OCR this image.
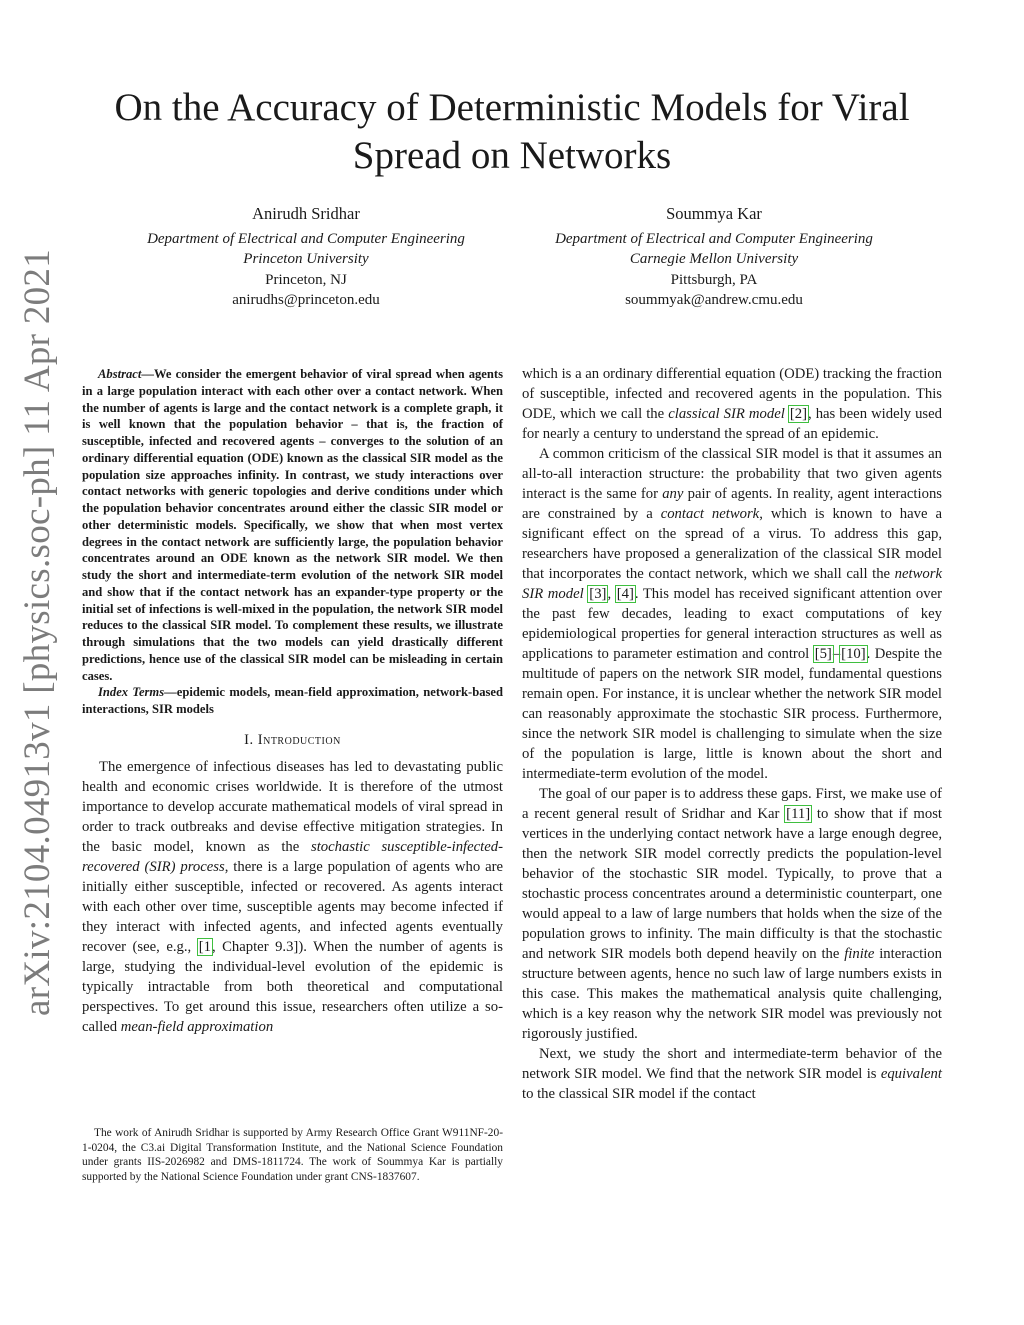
On the Accuracy of Deterministic Models for Viral
Spread on Networks
Anirudh Sridhar
Department of Electrical and Computer Engineering
Princeton University
Princeton, NJ
anirudhs@princeton.edu
Soummya Kar
Department of Electrical and Computer Engineering
Carnegie Mellon University
Pittsburgh, PA
soummyak@andrew.cmu.edu
arXiv:2104.04913v1 [physics.soc-ph] 11 Apr 2021	Abstract—We consider the emergent behavior of viral spread when agents in a large population interact with each other over a contact network. When the number of agents is large and the contact network is a complete graph, it is well known that the population behavior – that is, the fraction of susceptible, infected and recovered agents – converges to the solution of an ordinary differential equation (ODE) known as the classical SIR model as the population size approaches infinity. In contrast, we study interactions over contact networks with generic topologies and derive conditions under which the population behavior concentrates around either the classic SIR model or other deterministic models. Specifically, we show that when most vertex degrees in the contact network are sufficiently large, the population behavior concentrates around an ODE known as the network SIR model. We then study the short and intermediate-term evolution of the network SIR model and show that if the contact network has an expander-type property or the initial set of infections is well-mixed in the population, the network SIR model reduces to the classical SIR model. To complement these results, we illustrate through simulations that the two models can yield drastically different predictions, hence use of the classical SIR model can be misleading in certain cases.

Index Terms—epidemic models, mean-field approximation, network-based interactions, SIR models

I. Introduction

The emergence of infectious diseases has led to devastating public health and economic crises worldwide. It is therefore of the utmost importance to develop accurate mathematical models of viral spread in order to track outbreaks and devise effective mitigation strategies. In the basic model, known as the stochastic susceptible-infected-recovered (SIR) process, there is a large population of agents who are initially either susceptible, infected or recovered. As agents interact with each other over time, susceptible agents may become infected if they interact with infected agents, and infected agents eventually recover (see, e.g., [1, Chapter 9.3]). When the number of agents is large, studying the individual-level evolution of the epidemic is typically intractable from both theoretical and computational perspectives. To get around this issue, researchers often utilize a so-called mean-field approximation

The work of Anirudh Sridhar is supported by Army Research Office Grant W911NF-20-1-0204, the C3.ai Digital Transformation Institute, and the National Science Foundation under grants IIS-2026982 and DMS-1811724. The work of Soummya Kar is partially supported by the National Science Foundation under grant CNS-1837607.

which is a an ordinary differential equation (ODE) tracking the fraction of susceptible, infected and recovered agents in the population. This ODE, which we call the classical SIR model [2], has been widely used for nearly a century to understand the spread of an epidemic.

A common criticism of the classical SIR model is that it assumes an all-to-all interaction structure: the probability that two given agents interact is the same for any pair of agents. In reality, agent interactions are constrained by a contact network, which is known to have a significant effect on the spread of a virus. To address this gap, researchers have proposed a generalization of the classical SIR model that incorporates the contact network, which we shall call the network SIR model [3], [4]. This model has received significant attention over the past few decades, leading to exact computations of key epidemiological properties for general interaction structures as well as applications to parameter estimation and control [5]–[10]. Despite the multitude of papers on the network SIR model, fundamental questions remain open. For instance, it is unclear whether the network SIR model can reasonably approximate the stochastic SIR process. Furthermore, since the network SIR model is challenging to simulate when the size of the population is large, little is known about the short and intermediate-term evolution of the model.

The goal of our paper is to address these gaps. First, we make use of a recent general result of Sridhar and Kar [11] to show that if most vertices in the underlying contact network have a large enough degree, then the network SIR model correctly predicts the population-level behavior of the stochastic SIR model. Typically, to prove that a stochastic process concentrates around a deterministic counterpart, one would appeal to a law of large numbers that holds when the size of the population grows to infinity. The main difficulty is that the stochastic and network SIR models both depend heavily on the finite interaction structure between agents, hence no such law of large numbers exists in this case. This makes the mathematical analysis quite challenging, which is a key reason why the network SIR model was previously not rigorously justified.

Next, we study the short and intermediate-term behavior of the network SIR model. We find that the network SIR model is equivalent to the classical SIR model if the contact
